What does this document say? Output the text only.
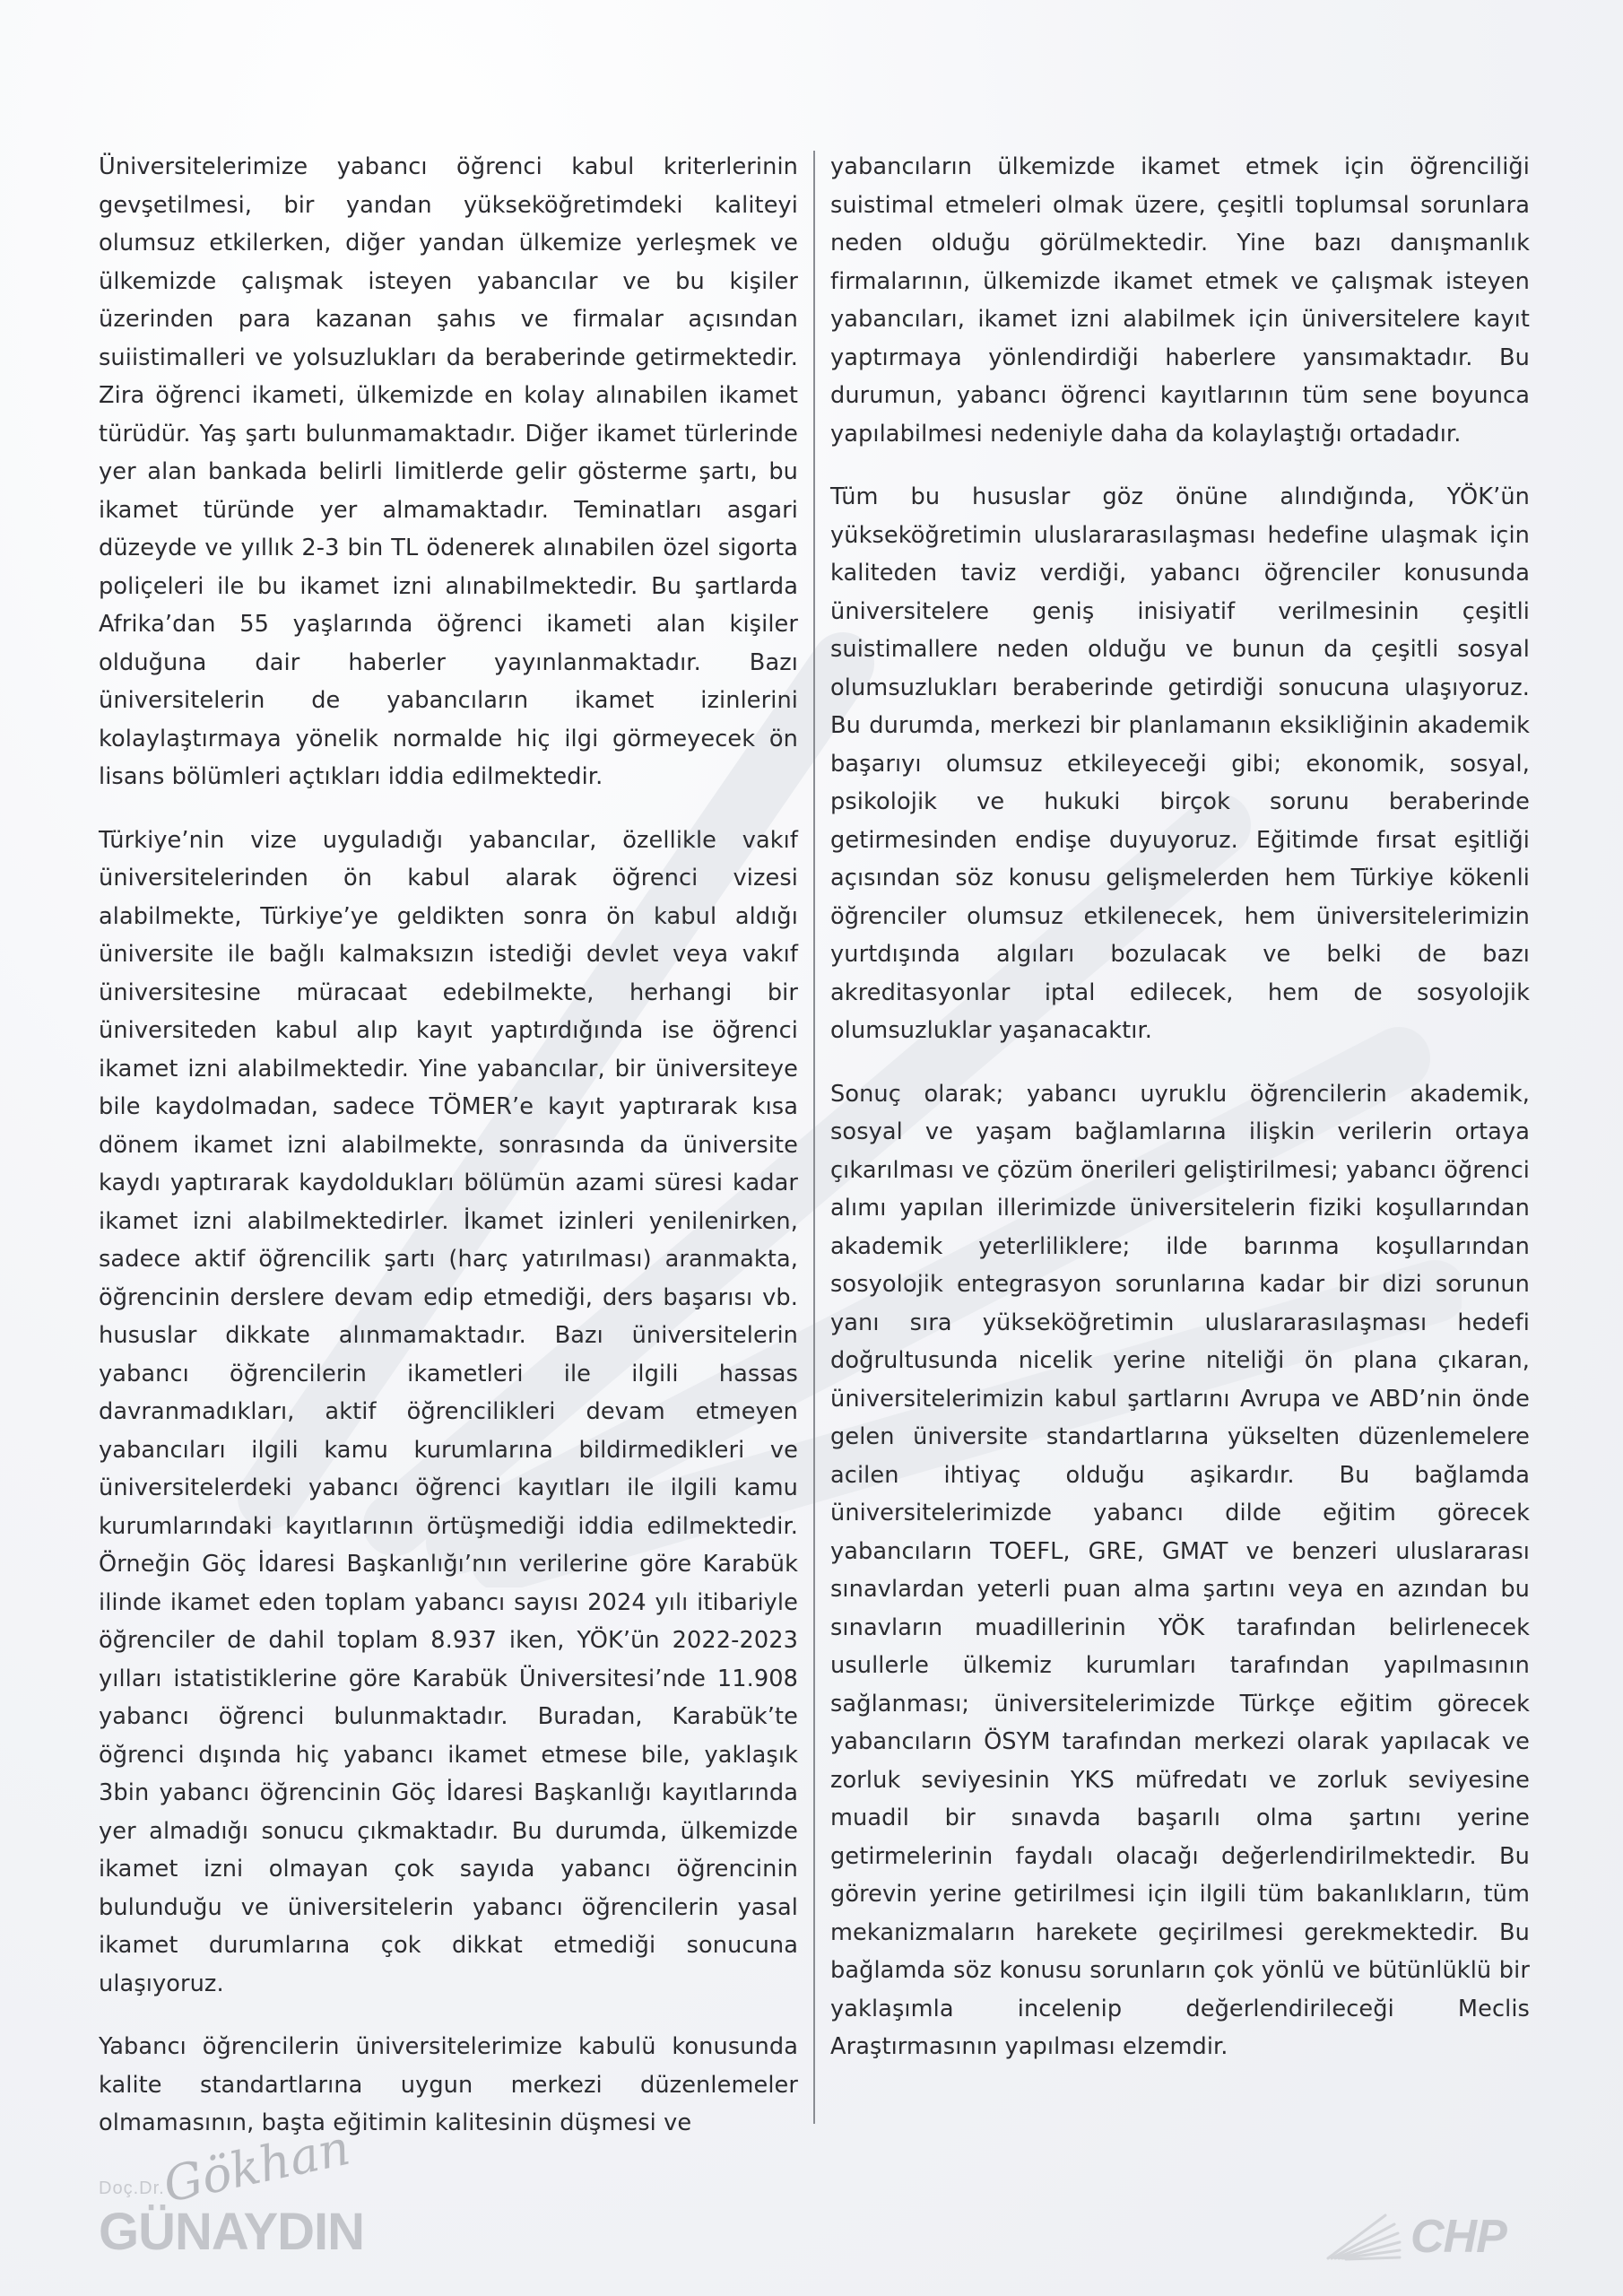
Üniversitelerimize yabancı öğrenci kabul kriterlerinin gevşetilmesi, bir yandan yükseköğretimdeki kaliteyi olumsuz etkilerken, diğer yandan ülkemize yerleşmek ve ülkemizde çalışmak isteyen yabancılar ve bu kişiler üzerinden para kazanan şahıs ve firmalar açısından suiistimalleri ve yolsuzlukları da beraberinde getirmektedir. Zira öğrenci ikameti, ülkemizde en kolay alınabilen ikamet türüdür. Yaş şartı bulunmamaktadır. Diğer ikamet türlerinde yer alan bankada belirli limitlerde gelir gösterme şartı, bu ikamet türünde yer almamaktadır. Teminatları asgari düzeyde ve yıllık 2-3 bin TL ödenerek alınabilen özel sigorta poliçeleri ile bu ikamet izni alınabilmektedir. Bu şartlarda Afrika’dan 55 yaşlarında öğrenci ikameti alan kişiler olduğuna dair haberler yayınlanmaktadır. Bazı üniversitelerin de yabancıların ikamet izinlerini kolaylaştırmaya yönelik normalde hiç ilgi görmeyecek ön lisans bölümleri açtıkları iddia edilmektedir.

Türkiye’nin vize uyguladığı yabancılar, özellikle vakıf üniversitelerinden ön kabul alarak öğrenci vizesi alabilmekte, Türkiye’ye geldikten sonra ön kabul aldığı üniversite ile bağlı kalmaksızın istediği devlet veya vakıf üniversitesine müracaat edebilmekte, herhangi bir üniversiteden kabul alıp kayıt yaptırdığında ise öğrenci ikamet izni alabilmektedir. Yine yabancılar, bir üniversiteye bile kaydolmadan, sadece TÖMER’e kayıt yaptırarak kısa dönem ikamet izni alabilmekte, sonrasında da üniversite kaydı yaptırarak kaydoldukları bölümün azami süresi kadar ikamet izni alabilmektedirler. İkamet izinleri yenilenirken, sadece aktif öğrencilik şartı (harç yatırılması) aranmakta, öğrencinin derslere devam edip etmediği, ders başarısı vb. hususlar dikkate alınmamaktadır. Bazı üniversitelerin yabancı öğrencilerin ikametleri ile ilgili hassas davranmadıkları, aktif öğrencilikleri devam etmeyen yabancıları ilgili kamu kurumlarına bildirmedikleri ve üniversitelerdeki yabancı öğrenci kayıtları ile ilgili kamu kurumlarındaki kayıtlarının örtüşmediği iddia edilmektedir. Örneğin Göç İdaresi Başkanlığı’nın verilerine göre Karabük ilinde ikamet eden toplam yabancı sayısı 2024 yılı itibariyle öğrenciler de dahil toplam 8.937 iken, YÖK’ün 2022-2023 yılları istatistiklerine göre Karabük Üniversitesi’nde 11.908 yabancı öğrenci bulunmaktadır. Buradan, Karabük’te öğrenci dışında hiç yabancı ikamet etmese bile, yaklaşık 3bin yabancı öğrencinin Göç İdaresi Başkanlığı kayıtlarında yer almadığı sonucu çıkmaktadır. Bu durumda, ülkemizde ikamet izni olmayan çok sayıda yabancı öğrencinin bulunduğu ve üniversitelerin yabancı öğrencilerin yasal ikamet durumlarına çok dikkat etmediği sonucuna ulaşıyoruz.

Yabancı öğrencilerin üniversitelerimize kabulü konusunda kalite standartlarına uygun merkezi düzenlemeler olmamasının, başta eğitimin kalitesinin düşmesi ve

yabancıların ülkemizde ikamet etmek için öğrenciliği suistimal etmeleri olmak üzere, çeşitli toplumsal sorunlara neden olduğu görülmektedir. Yine bazı danışmanlık firmalarının, ülkemizde ikamet etmek ve çalışmak isteyen yabancıları, ikamet izni alabilmek için üniversitelere kayıt yaptırmaya yönlendirdiği haberlere yansımaktadır. Bu durumun, yabancı öğrenci kayıtlarının tüm sene boyunca yapılabilmesi nedeniyle daha da kolaylaştığı ortadadır.

Tüm bu hususlar göz önüne alındığında, YÖK’ün yükseköğretimin uluslararasılaşması hedefine ulaşmak için kaliteden taviz verdiği, yabancı öğrenciler konusunda üniversitelere geniş inisiyatif verilmesinin çeşitli suistimallere neden olduğu ve bunun da çeşitli sosyal olumsuzlukları beraberinde getirdiği sonucuna ulaşıyoruz. Bu durumda, merkezi bir planlamanın eksikliğinin akademik başarıyı olumsuz etkileyeceği gibi; ekonomik, sosyal, psikolojik ve hukuki birçok sorunu beraberinde getirmesinden endişe duyuyoruz. Eğitimde fırsat eşitliği açısından söz konusu gelişmelerden hem Türkiye kökenli öğrenciler olumsuz etkilenecek, hem üniversitelerimizin yurtdışında algıları bozulacak ve belki de bazı akreditasyonlar iptal edilecek, hem de sosyolojik olumsuzluklar yaşanacaktır.

Sonuç olarak; yabancı uyruklu öğrencilerin akademik, sosyal ve yaşam bağlamlarına ilişkin verilerin ortaya çıkarılması ve çözüm önerileri geliştirilmesi; yabancı öğrenci alımı yapılan illerimizde üniversitelerin fiziki koşullarından akademik yeterliliklere; ilde barınma koşullarından sosyolojik entegrasyon sorunlarına kadar bir dizi sorunun yanı sıra yükseköğretimin uluslararasılaşması hedefi doğrultusunda nicelik yerine niteliği ön plana çıkaran, üniversitelerimizin kabul şartlarını Avrupa ve ABD’nin önde gelen üniversite standartlarına yükselten düzenlemelere acilen ihtiyaç olduğu aşikardır. Bu bağlamda üniversitelerimizde yabancı dilde eğitim görecek yabancıların TOEFL, GRE, GMAT ve benzeri uluslararası sınavlardan yeterli puan alma şartını veya en azından bu sınavların muadillerinin YÖK tarafından belirlenecek usullerle ülkemiz kurumları tarafından yapılmasının sağlanması; üniversitelerimizde Türkçe eğitim görecek yabancıların ÖSYM tarafından merkezi olarak yapılacak ve zorluk seviyesinin YKS müfredatı ve zorluk seviyesine muadil bir sınavda başarılı olma şartını yerine getirmelerinin faydalı olacağı değerlendirilmektedir. Bu görevin yerine getirilmesi için ilgili tüm bakanlıkların, tüm mekanizmaların harekete geçirilmesi gerekmektedir. Bu bağlamda söz konusu sorunların çok yönlü ve bütünlüklü bir yaklaşımla incelenip değerlendirileceği Meclis Araştırmasının yapılması elzemdir.

Doç.Dr.
Gökhan
GÜNAYDIN	CHP
